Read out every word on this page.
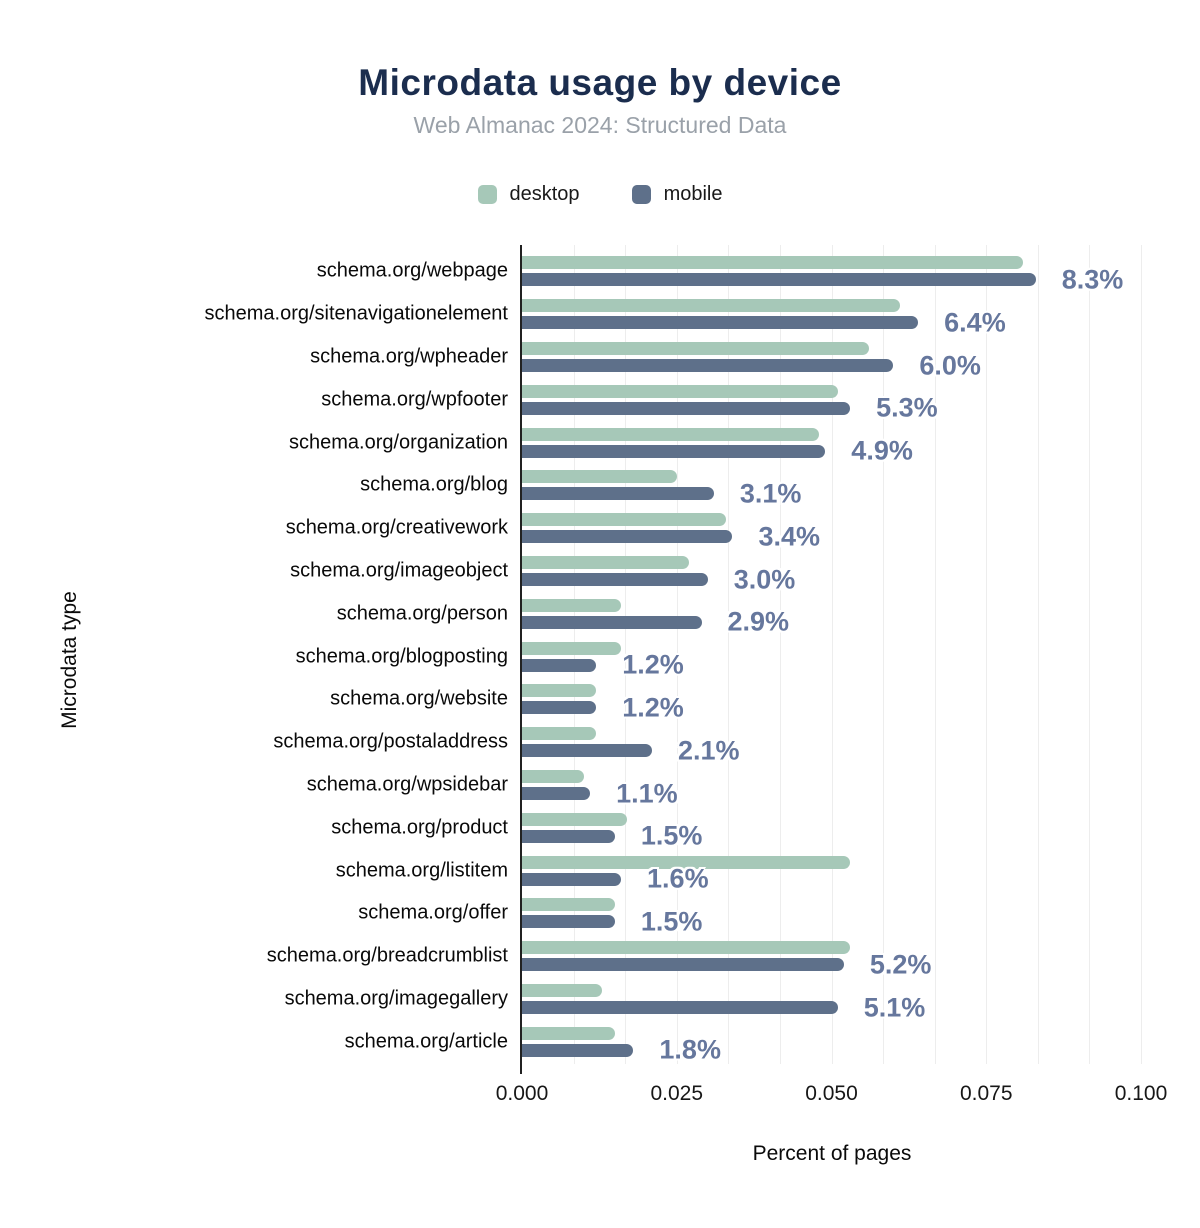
Microdata usage by device
Web Almanac 2024: Structured Data
desktop	mobile
schema.org/webpage	8.3%
schema.org/sitenavigationelement	6.4%
schema.org/wpheader	6.0%
schema.org/wpfooter	5.3%
schema.org/organization	4.9%
schema.org/blog	3.1%
schema.org/creativework	3.4%
schema.org/imageobject	3.0%
schema.org/person	2.9%
schema.org/blogposting	1.2%
schema.org/website	1.2%
schema.org/postaladdress	2.1%
schema.org/wpsidebar	1.1%
schema.org/product	1.5%
schema.org/listitem	1.6%
schema.org/offer	1.5%
schema.org/breadcrumblist	5.2%
schema.org/imagegallery	5.1%
schema.org/article	1.8%
0.000	0.025	0.050	0.075	0.100
Percent of pages
Microdata type
